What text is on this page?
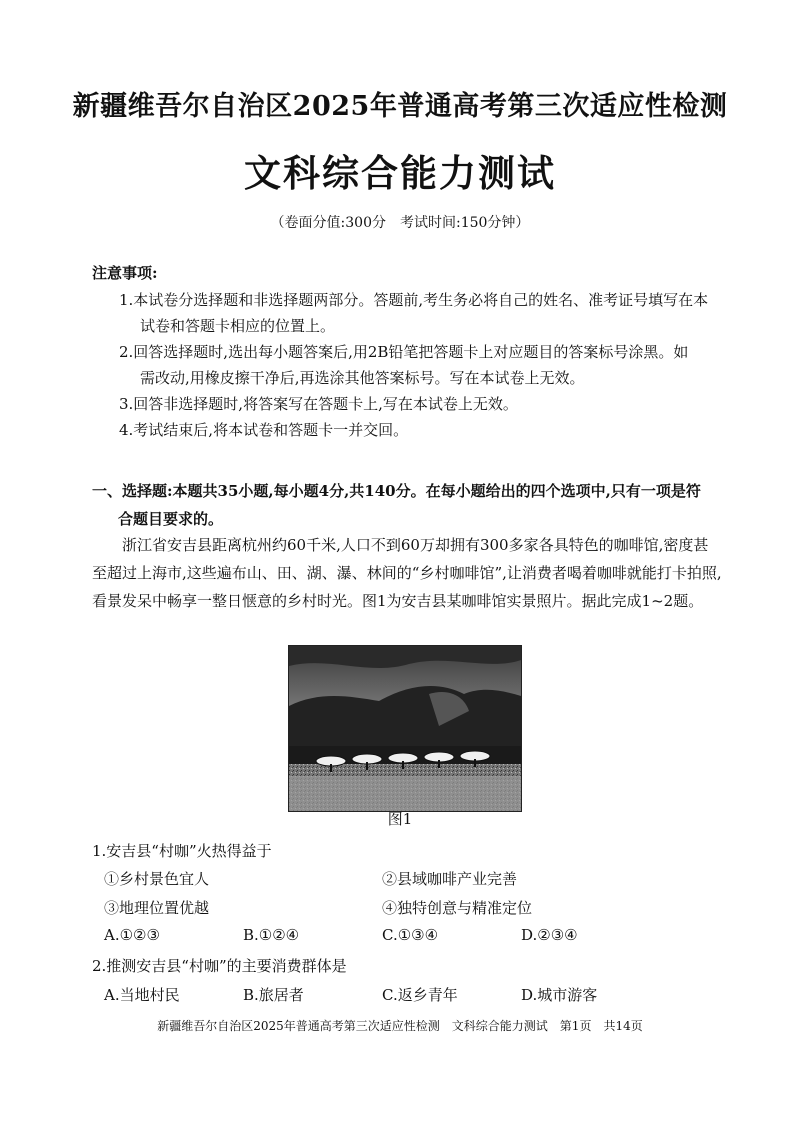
新疆维吾尔自治区2025年普通高考第三次适应性检测
文科综合能力测试
（卷面分值:300分　考试时间:150分钟）
注意事项:
1.本试卷分选择题和非选择题两部分。答题前,考生务必将自己的姓名、准考证号填写在本
试卷和答题卡相应的位置上。
2.回答选择题时,选出每小题答案后,用2B铅笔把答题卡上对应题目的答案标号涂黑。如
需改动,用橡皮擦干净后,再选涂其他答案标号。写在本试卷上无效。
3.回答非选择题时,将答案写在答题卡上,写在本试卷上无效。
4.考试结束后,将本试卷和答题卡一并交回。
一、选择题:本题共35小题,每小题4分,共140分。在每小题给出的四个选项中,只有一项是符
合题目要求的。
浙江省安吉县距离杭州约60千米,人口不到60万却拥有300多家各具特色的咖啡馆,密度甚至超过上海市,这些遍布山、田、湖、瀑、林间的“乡村咖啡馆”,让消费者喝着咖啡就能打卡拍照,看景发呆中畅享一整日惬意的乡村时光。图1为安吉县某咖啡馆实景照片。据此完成1~2题。
图1
1.安吉县“村咖”火热得益于
①乡村景色宜人	②县域咖啡产业完善
③地理位置优越	④独特创意与精准定位
A.①②③	B.①②④	C.①③④	D.②③④
2.推测安吉县“村咖”的主要消费群体是
A.当地村民	B.旅居者	C.返乡青年	D.城市游客
新疆维吾尔自治区2025年普通高考第三次适应性检测　文科综合能力测试　第1页　共14页
